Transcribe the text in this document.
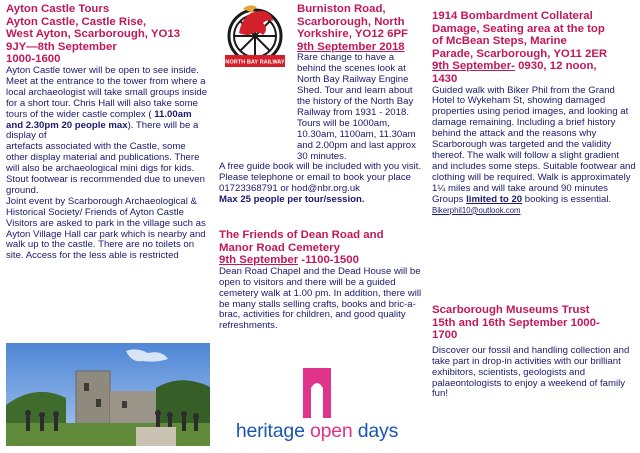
Ayton Castle Tours
Ayton Castle, Castle Rise,
West Ayton, Scarborough, YO13
9JY—8th September
1000-1600

Ayton Castle tower will be open to see inside. Meet at the entrance to the tower from where a local archaeologist will take small groups inside for a short tour. Chris Hall will also take some tours of the wider castle complex ( 11.00am and 2.30pm 20 people max). There will be a display of
artefacts associated with the Castle, some other display material and publications. There will also be archaeological mini digs for kids.
Stout footwear is recommended due to uneven ground.
Joint event by Scarborough Archaeological & Historical Society/ Friends of Ayton Castle
Visitors are asked to park in the village such as Ayton Village Hall car park which is nearby and walk up to the castle. There are no toilets on site. Access for the less able is restricted

NORTH BAY RAILWAY

Burniston Road,
Scarborough, North
Yorkshire, YO12 6PF
9th September 2018

Rare change to have a behind the scenes look at North Bay Railway Engine Shed. Tour and learn about the history of the North Bay Railway from 1931 - 2018. Tours will be 1000am, 10.30am, 1100am, 11.30am and 2.00pm and last approx 30 minutes.
A free guide book will be included with you visit. Please telephone or email to book your place 01723368791 or hod@nbr.org.uk
Max 25 people per tour/session.

The Friends of Dean Road and
Manor Road Cemetery
9th September -1100-1500

Dean Road Chapel and the Dead House will be open to visitors and there will be a guided cemetery walk at 1.00 pm. In addition, there will be many stalls selling crafts, books and bric-a-brac, activities for children, and good quality refreshments.

1914 Bombardment Collateral
Damage, Seating area at the top
of McBean Steps, Marine
Parade, Scarborough, YO11 2ER
9th September- 0930, 12 noon,
1430

Guided walk with Biker Phil from the Grand Hotel to Wykeham St, showing damaged properties using period images, and looking at damage remaining. Including a brief history behind the attack and the reasons why Scarborough was targeted and the validity thereof. The walk will follow a slight gradient and includes some steps. Suitable footwear and clothing will be required. Walk is approximately 1¼ miles and will take around 90 minutes Groups limited to 20 booking is essential. Bikerphil10@outlook.com

Scarborough Museums Trust
15th and 16th September 1000-
1700

Discover our fossil and handling collection and take part in drop-in activities with our brilliant exhibitors, scientists, geologists and palaeontologists to enjoy a weekend of family fun!

heritage open days
